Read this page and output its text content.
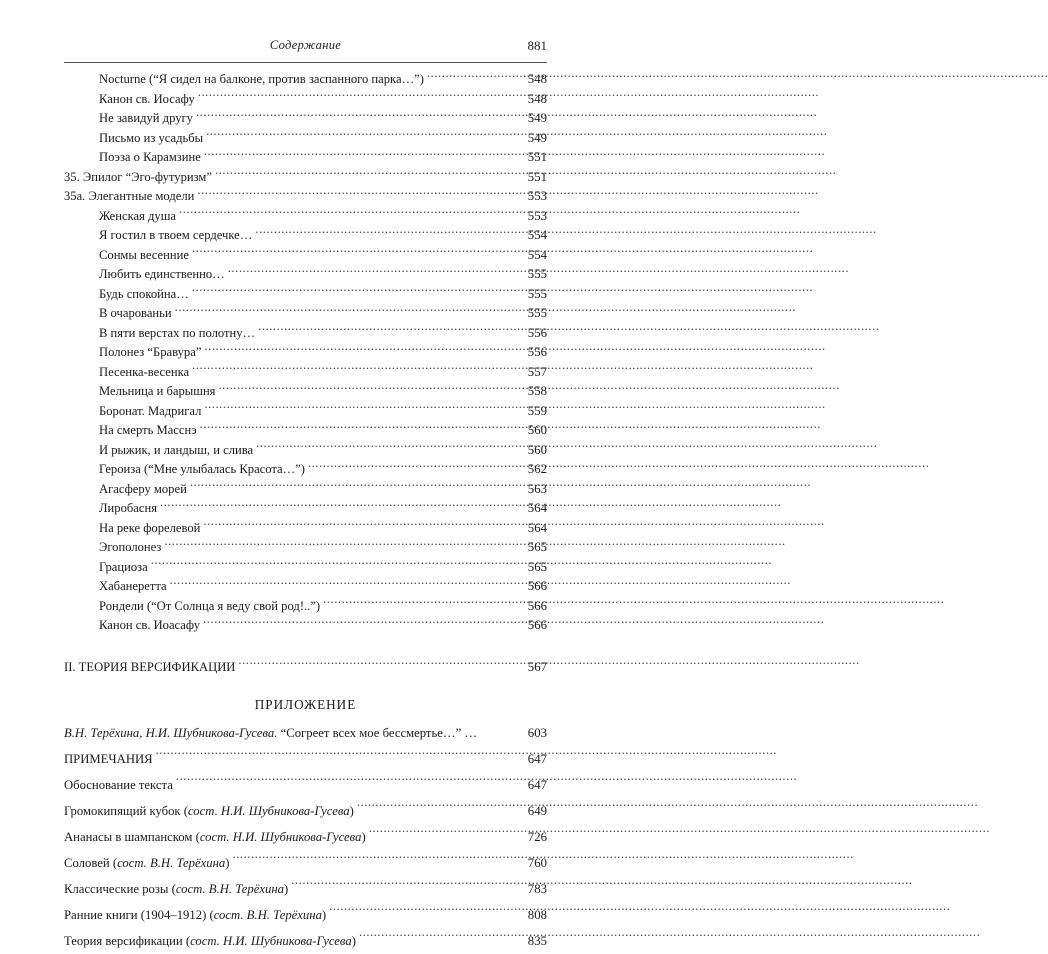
Содержание	881
Nocturne (“Я сидел на балконе, против заспанного парка…”) .....	548
Канон св. Иосафу .....	548
Не завидуй другу .....	549
Письмо из усадьбы .....	549
Поэза о Карамзине .....	551
35. Эпилог “Эго-футуризм” .....	551
35а. Элегантные модели .....	553
Женская душа .....	553
Я гостил в твоем сердечке… .....	554
Сонмы весенние .....	554
Любить единственно… .....	555
Будь спокойна… .....	555
В очарованьи .....	555
В пяти верстах по полотну… .....	556
Полонез “Бравура” .....	556
Песенка-весенка .....	557
Мельница и барышня .....	558
Боронат. Мадригал .....	559
На смерть Масснэ .....	560
И рыжик, и ландыш, и слива .....	560
Героиза (“Мне улыбалась Красота…”) .....	562
Агасферу морей .....	563
Лиробасня .....	564
На реке форелевой .....	564
Эгополонез .....	565
Грациоза .....	565
Хабанеретта .....	566
Рондели (“От Солнца я веду свой род!..”) .....	566
Канон св. Иоасафу .....	566
II. ТЕОРИЯ ВЕРСИФИКАЦИИ .....	567
ПРИЛОЖЕНИЕ
В.Н. Терёхина, Н.И. Шубникова-Гусева. “Согреет всех мое бессмертье…” …	603
ПРИМЕЧАНИЯ .....	647
Обоснование текста .....	647
Громокипящий кубок (сост. Н.И. Шубникова-Гусева) .....	649
Ананасы в шампанском (сост. Н.И. Шубникова-Гусева) .....	726
Соловей (сост. В.Н. Терёхина) .....	760
Классические розы (сост. В.Н. Терёхина) .....	783
Ранние книги (1904–1912) (сост. В.Н. Терёхина) .....	808
Теория версификации (сост. Н.И. Шубникова-Гусева) .....	835
